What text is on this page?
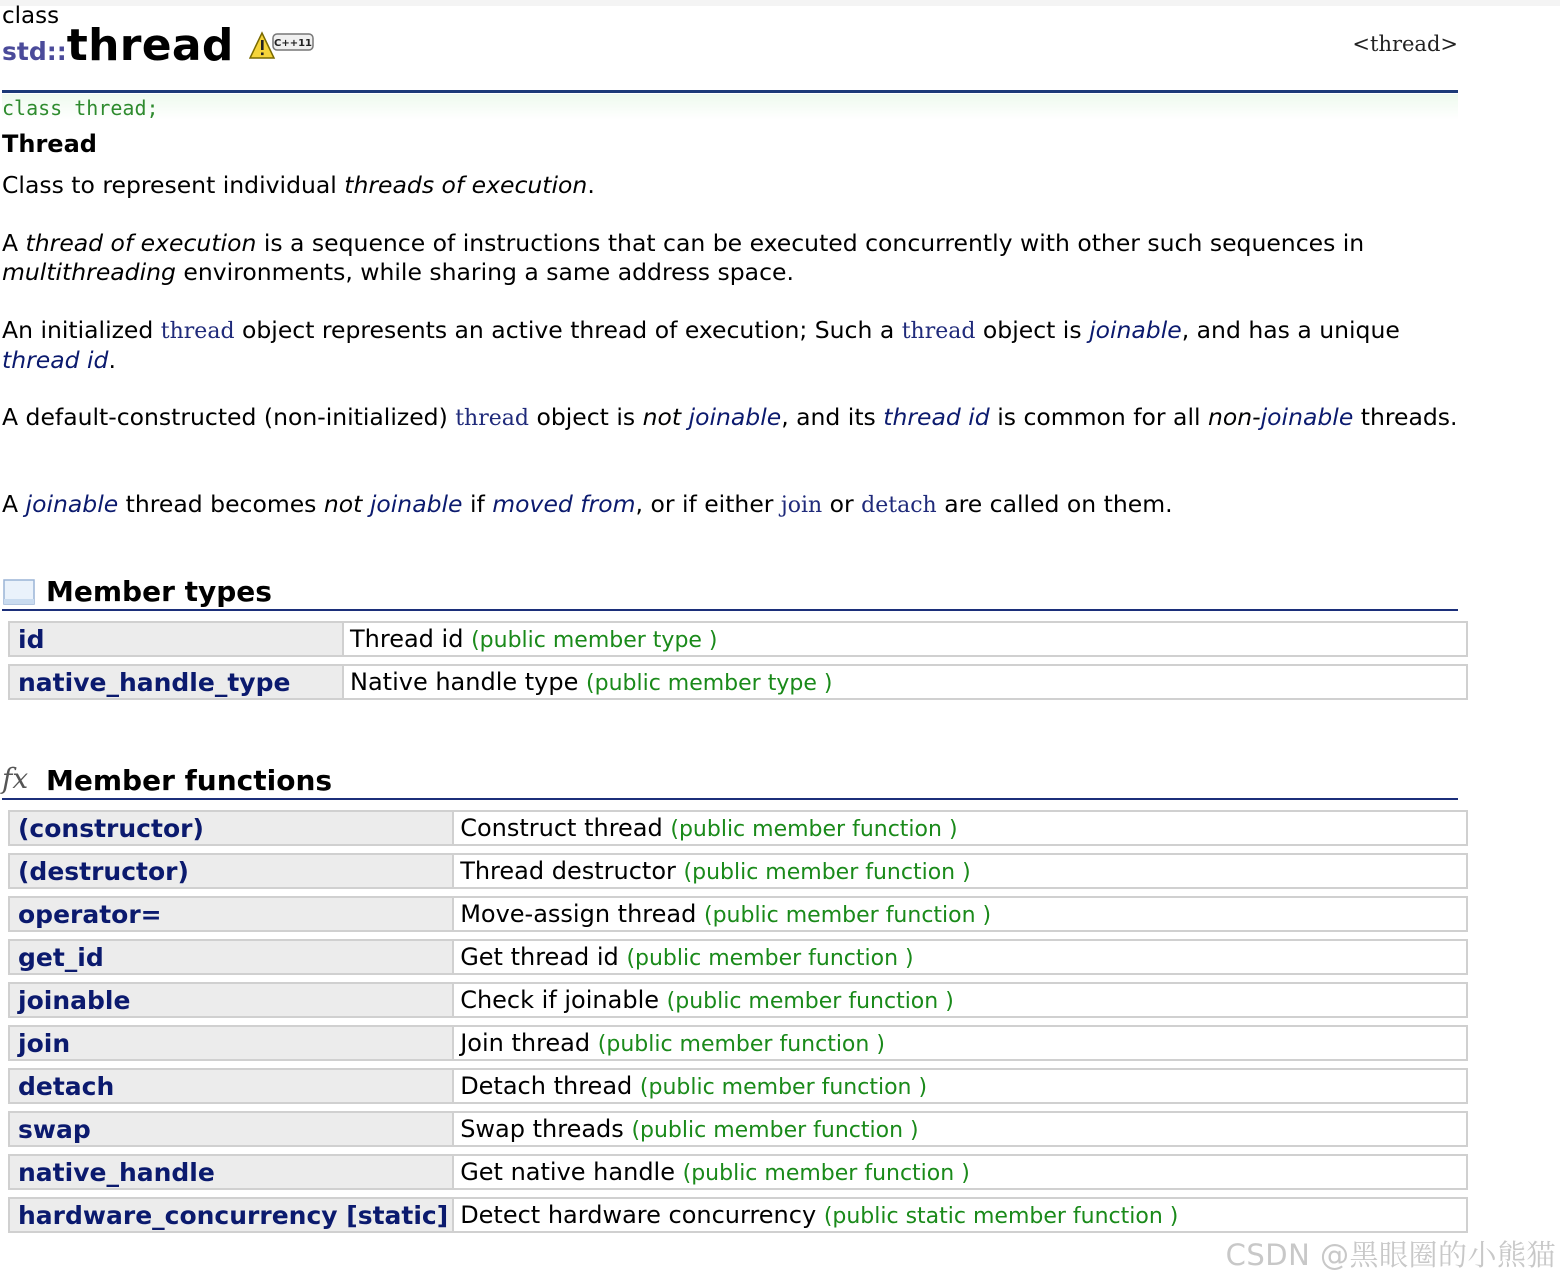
class
std::thread	C++11	<thread>
class thread;
Thread
Class to represent individual threads of execution.
A thread of execution is a sequence of instructions that can be executed concurrently with other such sequences in multithreading environments, while sharing a same address space.
An initialized thread object represents an active thread of execution; Such a thread object is joinable, and has a unique thread id.
A default-constructed (non-initialized) thread object is not joinable, and its thread id is common for all non-joinable threads.
A joinable thread becomes not joinable if moved from, or if either join or detach are called on them.
Member types
id	Thread id (public member type )
native_handle_type	Native handle type (public member type )
fx Member functions
(constructor)	Construct thread (public member function )
(destructor)	Thread destructor (public member function )
operator=	Move-assign thread (public member function )
get_id	Get thread id (public member function )
joinable	Check if joinable (public member function )
join	Join thread (public member function )
detach	Detach thread (public member function )
swap	Swap threads (public member function )
native_handle	Get native handle (public member function )
hardware_concurrency [static]	Detect hardware concurrency (public static member function )
CSDN @黑眼圈的小熊猫
